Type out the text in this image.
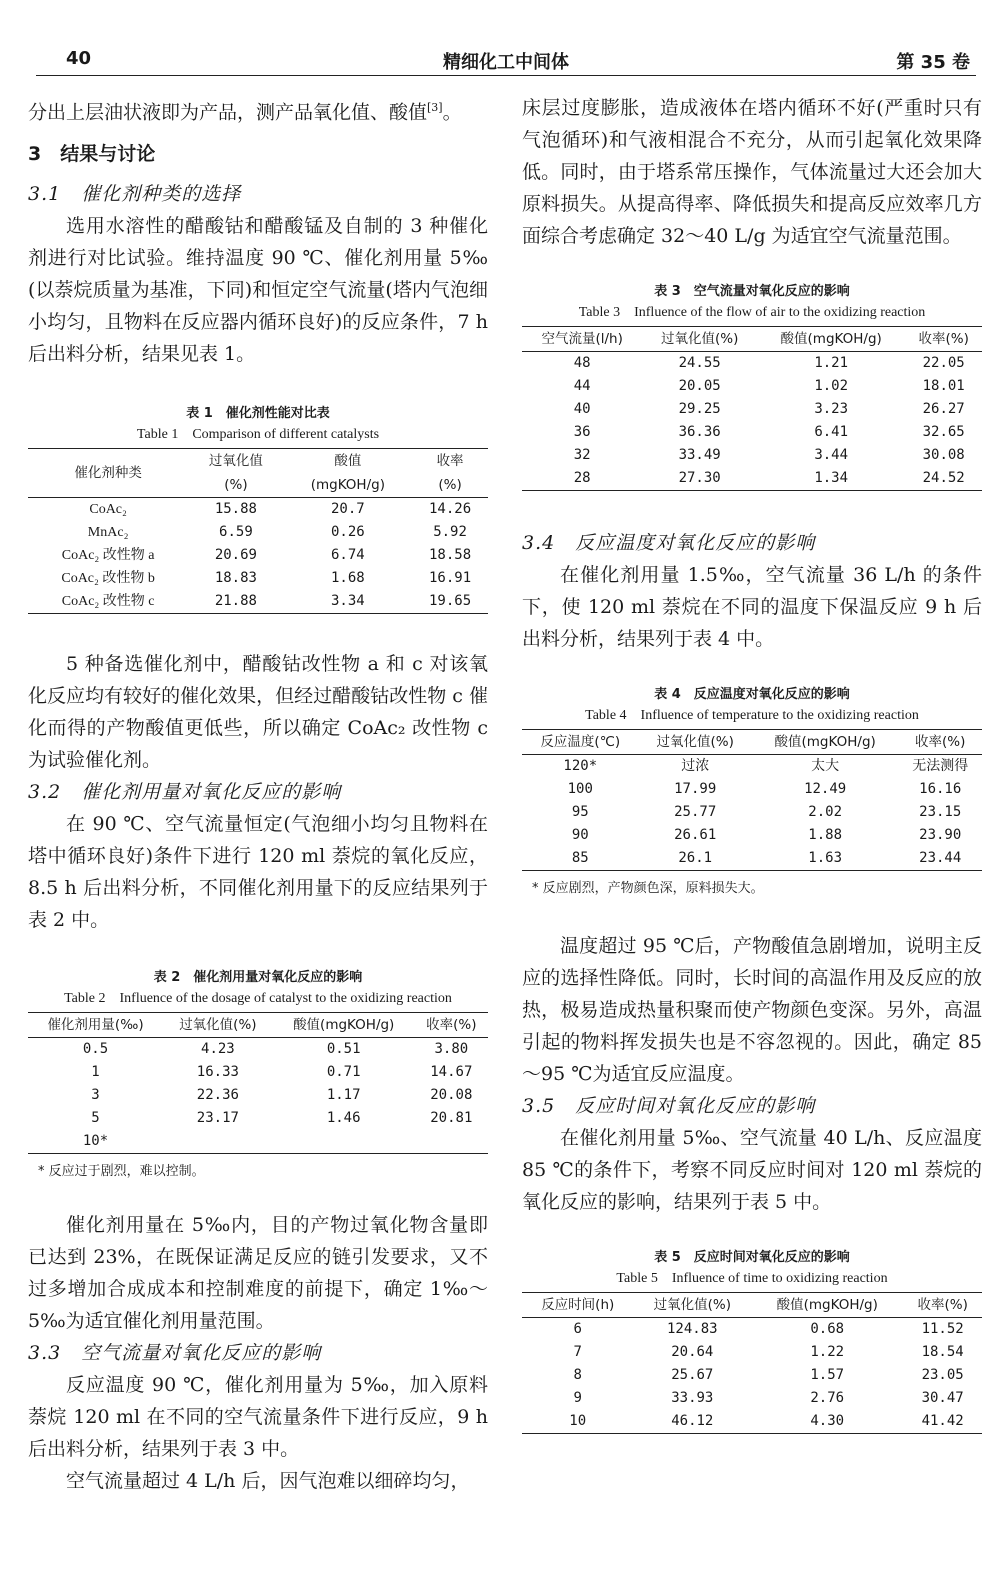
40	精细化工中间体	第 35 卷

分出上层油状液即为产品，测产品氧化值、酸值[3]。

3　结果与讨论
3.1　催化剂种类的选择

选用水溶性的醋酸钴和醋酸锰及自制的 3 种催化剂进行对比试验。维持温度 90 ℃、催化剂用量 5‰(以萘烷质量为基准，下同)和恒定空气流量(塔内气泡细小均匀，且物料在反应器内循环良好)的反应条件，7 h 后出料分析，结果见表 1。

表 1　催化剂性能对比表
Table 1　Comparison of different catalysts
催化剂种类	过氧化值	酸值	收率
	(%)	(mgKOH/g)	(%)
CoAc₂	15.88	20.7	14.26
MnAc₂	6.59	0.26	5.92
CoAc₂ 改性物 a	20.69	6.74	18.58
CoAc₂ 改性物 b	18.83	1.68	16.91
CoAc₂ 改性物 c	21.88	3.34	19.65

5 种备选催化剂中，醋酸钴改性物 a 和 c 对该氧化反应均有较好的催化效果，但经过醋酸钴改性物 c 催化而得的产物酸值更低些，所以确定 CoAc₂ 改性物 c 为试验催化剂。

3.2　催化剂用量对氧化反应的影响

在 90 ℃、空气流量恒定(气泡细小均匀且物料在塔中循环良好)条件下进行 120 ml 萘烷的氧化反应，8.5 h 后出料分析，不同催化剂用量下的反应结果列于表 2 中。

表 2　催化剂用量对氧化反应的影响
Table 2　Influence of the dosage of catalyst to the oxidizing reaction
催化剂用量(‰)	过氧化值(%)	酸值(mgKOH/g)	收率(%)
0.5	4.23	0.51	3.80
1	16.33	0.71	14.67
3	22.36	1.17	20.08
5	23.17	1.46	20.81
10*			
* 反应过于剧烈，难以控制。

催化剂用量在 5‰内，目的产物过氧化物含量即已达到 23%，在既保证满足反应的链引发要求，又不过多增加合成成本和控制难度的前提下，确定 1‰～5‰为适宜催化剂用量范围。

3.3　空气流量对氧化反应的影响

反应温度 90 ℃，催化剂用量为 5‰，加入原料萘烷 120 ml 在不同的空气流量条件下进行反应，9 h 后出料分析，结果列于表 3 中。

空气流量超过 4 L/h 后，因气泡难以细碎均匀，

床层过度膨胀，造成液体在塔内循环不好(严重时只有气泡循环)和气液相混合不充分，从而引起氧化效果降低。同时，由于塔系常压操作，气体流量过大还会加大原料损失。从提高得率、降低损失和提高反应效率几方面综合考虑确定 32～40 L/g 为适宜空气流量范围。

表 3　空气流量对氧化反应的影响
Table 3　Influence of the flow of air to the oxidizing reaction
空气流量(l/h)	过氧化值(%)	酸值(mgKOH/g)	收率(%)
48	24.55	1.21	22.05
44	20.05	1.02	18.01
40	29.25	3.23	26.27
36	36.36	6.41	32.65
32	33.49	3.44	30.08
28	27.30	1.34	24.52
3.4　反应温度对氧化反应的影响

在催化剂用量 1.5‰，空气流量 36 L/h 的条件下，使 120 ml 萘烷在不同的温度下保温反应 9 h 后出料分析，结果列于表 4 中。

表 4　反应温度对氧化反应的影响
Table 4　Influence of temperature to the oxidizing reaction
反应温度(℃)	过氧化值(%)	酸值(mgKOH/g)	收率(%)
120*	过浓	太大	无法测得
100	17.99	12.49	16.16
95	25.77	2.02	23.15
90	26.61	1.88	23.90
85	26.1	1.63	23.44
* 反应剧烈，产物颜色深，原料损失大。

温度超过 95 ℃后，产物酸值急剧增加，说明主反应的选择性降低。同时，长时间的高温作用及反应的放热，极易造成热量积聚而使产物颜色变深。另外，高温引起的物料挥发损失也是不容忽视的。因此，确定 85～95 ℃为适宜反应温度。

3.5　反应时间对氧化反应的影响

在催化剂用量 5‰、空气流量 40 L/h、反应温度 85 ℃的条件下，考察不同反应时间对 120 ml 萘烷的氧化反应的影响，结果列于表 5 中。

表 5　反应时间对氧化反应的影响
Table 5　Influence of time to oxidizing reaction
反应时间(h)	过氧化值(%)	酸值(mgKOH/g)	收率(%)
6	124.83	0.68	11.52
7	20.64	1.22	18.54
8	25.67	1.57	23.05
9	33.93	2.76	30.47
10	46.12	4.30	41.42
